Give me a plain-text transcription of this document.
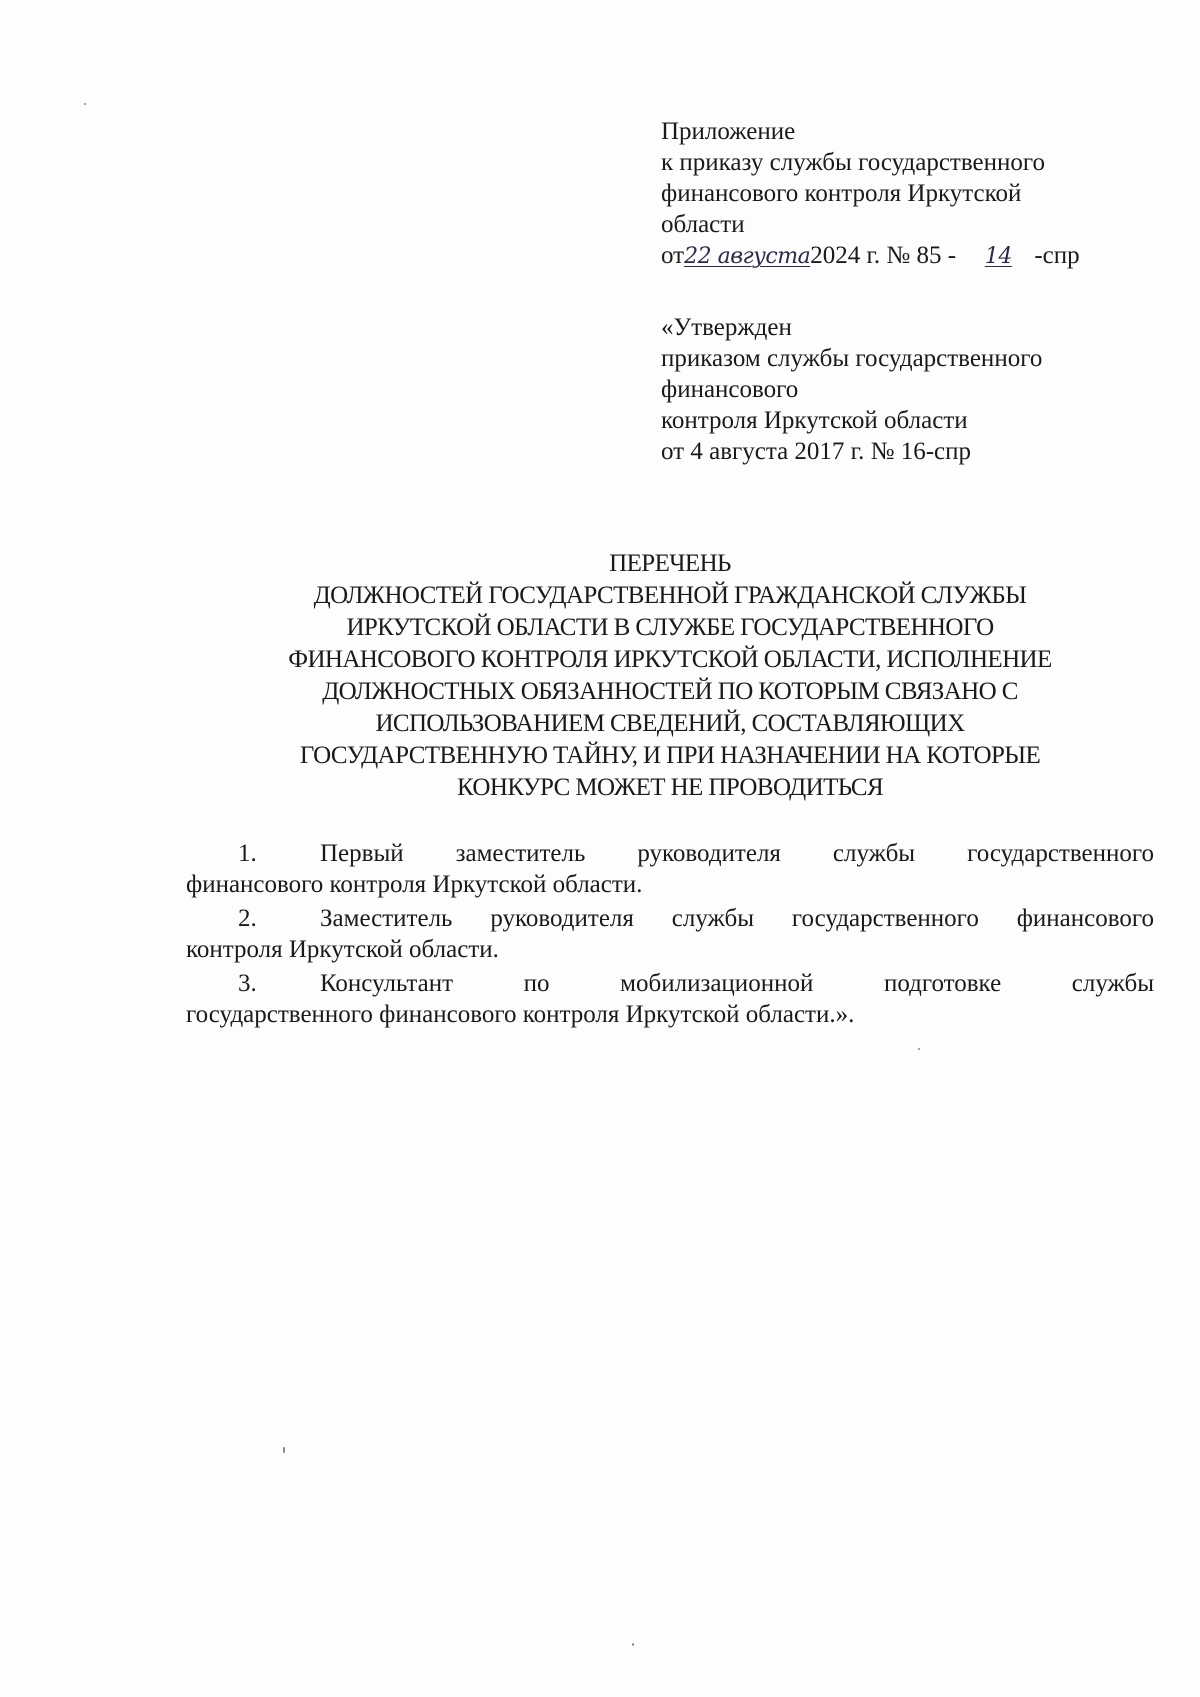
Приложение
к приказу службы государственного
финансового контроля Иркутской
области
от22 августа2024 г. № 85 - 14 -спр
«Утвержден
приказом службы государственного
финансового
контроля Иркутской области
от 4 августа 2017 г. № 16-спр
ПЕРЕЧЕНЬ
ДОЛЖНОСТЕЙ ГОСУДАРСТВЕННОЙ ГРАЖДАНСКОЙ СЛУЖБЫ
ИРКУТСКОЙ ОБЛАСТИ В СЛУЖБЕ ГОСУДАРСТВЕННОГО
ФИНАНСОВОГО КОНТРОЛЯ ИРКУТСКОЙ ОБЛАСТИ, ИСПОЛНЕНИЕ
ДОЛЖНОСТНЫХ ОБЯЗАННОСТЕЙ ПО КОТОРЫМ СВЯЗАНО С
ИСПОЛЬЗОВАНИЕМ СВЕДЕНИЙ, СОСТАВЛЯЮЩИХ
ГОСУДАРСТВЕННУЮ ТАЙНУ, И ПРИ НАЗНАЧЕНИИ НА КОТОРЫЕ
КОНКУРС МОЖЕТ НЕ ПРОВОДИТЬСЯ
1.	Первый заместитель руководителя службы государственного
финансового контроля Иркутской области.
2.	Заместитель руководителя службы государственного финансового
контроля Иркутской области.
3.	Консультант по мобилизационной подготовке службы
государственного финансового контроля Иркутской области.».
